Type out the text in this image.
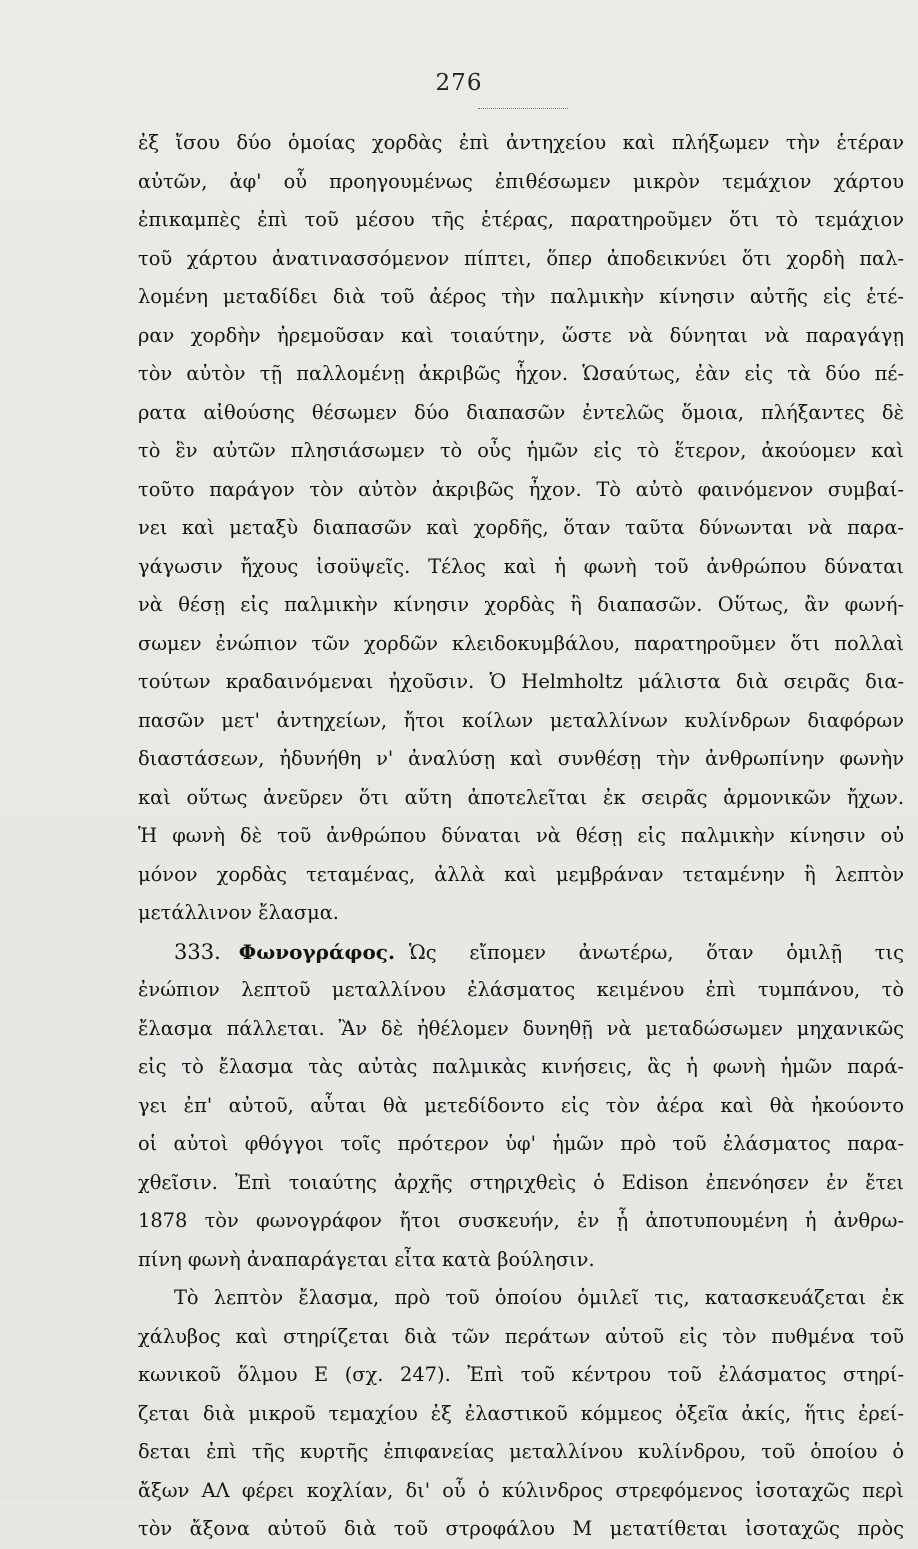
276
ἐξ ἴσου δύο ὁμοίας χορδὰς ἐπὶ ἀντηχείου καὶ πλήξωμεν τὴν ἑτέραν
αὐτῶν, ἀφ' οὗ προηγουμένως ἐπιθέσωμεν μικρὸν τεμάχιον χάρτου
ἐπικαμπὲς ἐπὶ τοῦ μέσου τῆς ἑτέρας, παρατηροῦμεν ὅτι τὸ τεμάχιον
τοῦ χάρτου ἀνατινασσόμενον πίπτει, ὅπερ ἀποδεικνύει ὅτι χορδὴ παλ-
λομένη μεταδίδει διὰ τοῦ ἀέρος τὴν παλμικὴν κίνησιν αὐτῆς εἰς ἑτέ-
ραν χορδὴν ἠρεμοῦσαν καὶ τοιαύτην, ὥστε νὰ δύνηται νὰ παραγάγῃ
τὸν αὐτὸν τῇ παλλομένῃ ἀκριβῶς ἦχον. Ὡσαύτως, ἐὰν εἰς τὰ δύο πέ-
ρατα αἰθούσης θέσωμεν δύο διαπασῶν ἐντελῶς ὅμοια, πλήξαντες δὲ
τὸ ἓν αὐτῶν πλησιάσωμεν τὸ οὖς ἡμῶν εἰς τὸ ἕτερον, ἀκούομεν καὶ
τοῦτο παράγον τὸν αὐτὸν ἀκριβῶς ἦχον. Τὸ αὐτὸ φαινόμενον συμβαί-
νει καὶ μεταξὺ διαπασῶν καὶ χορδῆς, ὅταν ταῦτα δύνωνται νὰ παρα-
γάγωσιν ἤχους ἰσοϋψεῖς. Τέλος καὶ ἡ φωνὴ τοῦ ἀνθρώπου δύναται
νὰ θέσῃ εἰς παλμικὴν κίνησιν χορδὰς ἢ διαπασῶν. Οὕτως, ἂν φωνή-
σωμεν ἐνώπιον τῶν χορδῶν κλειδοκυμβάλου, παρατηροῦμεν ὅτι πολλαὶ
τούτων κραδαινόμεναι ἠχοῦσιν. Ὁ Helmholtz μάλιστα διὰ σειρᾶς δια-
πασῶν μετ' ἀντηχείων, ἤτοι κοίλων μεταλλίνων κυλίνδρων διαφόρων
διαστάσεων, ἠδυνήθη ν' ἀναλύσῃ καὶ συνθέσῃ τὴν ἀνθρωπίνην φωνὴν
καὶ οὕτως ἀνεῦρεν ὅτι αὕτη ἀποτελεῖται ἐκ σειρᾶς ἁρμονικῶν ἤχων.
Ἡ φωνὴ δὲ τοῦ ἀνθρώπου δύναται νὰ θέσῃ εἰς παλμικὴν κίνησιν οὐ
μόνον χορδὰς τεταμένας, ἀλλὰ καὶ μεμβράναν τεταμένην ἢ λεπτὸν
μετάλλινον ἔλασμα.
333. Φωνογράφος. Ὡς εἴπομεν ἀνωτέρω, ὅταν ὁμιλῇ τις
ἐνώπιον λεπτοῦ μεταλλίνου ἐλάσματος κειμένου ἐπὶ τυμπάνου, τὸ
ἔλασμα πάλλεται. Ἂν δὲ ἠθέλομεν δυνηθῇ νὰ μεταδώσωμεν μηχανικῶς
εἰς τὸ ἔλασμα τὰς αὐτὰς παλμικὰς κινήσεις, ἃς ἡ φωνὴ ἡμῶν παρά-
γει ἐπ' αὐτοῦ, αὗται θὰ μετεδίδοντο εἰς τὸν ἀέρα καὶ θὰ ἠκούοντο
οἱ αὐτοὶ φθόγγοι τοῖς πρότερον ὑφ' ἡμῶν πρὸ τοῦ ἐλάσματος παρα-
χθεῖσιν. Ἐπὶ τοιαύτης ἀρχῆς στηριχθεὶς ὁ Edison ἐπενόησεν ἐν ἔτει
1878 τὸν φωνογράφον ἤτοι συσκευήν, ἐν ᾗ ἀποτυπουμένη ἡ ἀνθρω-
πίνη φωνὴ ἀναπαράγεται εἶτα κατὰ βούλησιν.
Τὸ λεπτὸν ἔλασμα, πρὸ τοῦ ὁποίου ὁμιλεῖ τις, κατασκευάζεται ἐκ
χάλυβος καὶ στηρίζεται διὰ τῶν περάτων αὐτοῦ εἰς τὸν πυθμένα τοῦ
κωνικοῦ ὅλμου Ε (σχ. 247). Ἐπὶ τοῦ κέντρου τοῦ ἐλάσματος στηρί-
ζεται διὰ μικροῦ τεμαχίου ἐξ ἐλαστικοῦ κόμμεος ὀξεῖα ἀκίς, ἥτις ἐρεί-
δεται ἐπὶ τῆς κυρτῆς ἐπιφανείας μεταλλίνου κυλίνδρου, τοῦ ὁποίου ὁ
ἄξων ΑΛ φέρει κοχλίαν, δι' οὗ ὁ κύλινδρος στρεφόμενος ἰσοταχῶς περὶ
τὸν ἄξονα αὐτοῦ διὰ τοῦ στροφάλου Μ μετατίθεται ἰσοταχῶς πρὸς
